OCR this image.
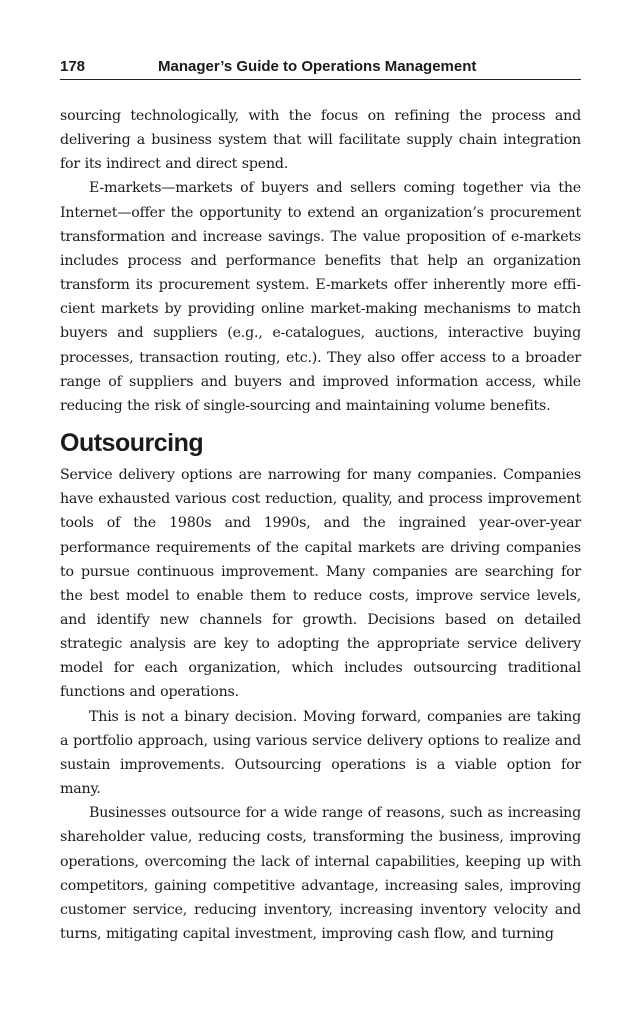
178	Manager’s Guide to Operations Management

sourcing technologically, with the focus on refining the process and delivering a business system that will facilitate supply chain integration for its indirect and direct spend.

E-markets—markets of buyers and sellers coming together via the Internet—offer the opportunity to extend an organization’s procurement transformation and increase savings. The value proposition of e-markets includes process and performance benefits that help an organization transform its procurement system. E-markets offer inherently more efficient markets by providing online market-making mechanisms to match buyers and suppliers (e.g., e-catalogues, auctions, interactive buying processes, transaction routing, etc.). They also offer access to a broader range of suppliers and buyers and improved information access, while reducing the risk of single-sourcing and maintaining volume benefits.

Outsourcing

Service delivery options are narrowing for many companies. Companies have exhausted various cost reduction, quality, and process improvement tools of the 1980s and 1990s, and the ingrained year-over-year performance requirements of the capital markets are driving companies to pursue continuous improvement. Many companies are searching for the best model to enable them to reduce costs, improve service levels, and identify new channels for growth. Decisions based on detailed strategic analysis are key to adopting the appropriate service delivery model for each organization, which includes outsourcing traditional functions and operations.

This is not a binary decision. Moving forward, companies are taking a portfolio approach, using various service delivery options to realize and sustain improvements. Outsourcing operations is a viable option for many.

Businesses outsource for a wide range of reasons, such as increasing shareholder value, reducing costs, transforming the business, improving operations, overcoming the lack of internal capabilities, keeping up with competitors, gaining competitive advantage, increasing sales, improving customer service, reducing inventory, increasing inventory velocity and turns, mitigating capital investment, improving cash flow, and turning
